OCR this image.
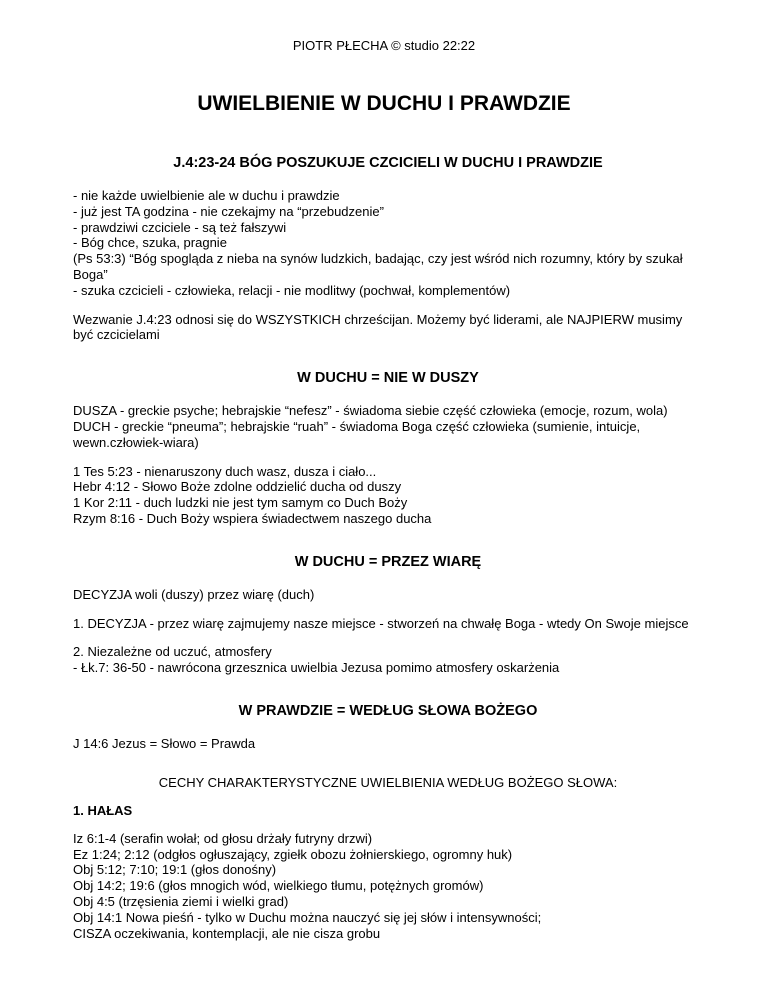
PIOTR PŁECHA © studio 22:22
UWIELBIENIE W DUCHU I PRAWDZIE
J.4:23-24 BÓG POSZUKUJE CZCICIELI W DUCHU I PRAWDZIE
- nie każde uwielbienie ale w duchu i prawdzie
- już jest TA godzina - nie czekajmy na “przebudzenie”
- prawdziwi czciciele - są też fałszywi
- Bóg chce, szuka, pragnie
(Ps 53:3) “Bóg spogląda z nieba na synów ludzkich, badając, czy jest wśród nich rozumny, który by szukał
Boga”
- szuka czcicieli - człowieka, relacji - nie modlitwy (pochwał, komplementów)
Wezwanie J.4:23 odnosi się do WSZYSTKICH chrześcijan. Możemy być liderami, ale NAJPIERW musimy
być czcicielami
W DUCHU = NIE W DUSZY
DUSZA - greckie psyche; hebrajskie “nefesz” - świadoma siebie część człowieka (emocje, rozum, wola)
DUCH - greckie “pneuma”; hebrajskie “ruah” - świadoma Boga część człowieka (sumienie, intuicje,
wewn.człowiek-wiara)
1 Tes 5:23 - nienaruszony duch wasz, dusza i ciało...
Hebr 4:12 - Słowo Boże zdolne oddzielić ducha od duszy
1 Kor 2:11 - duch ludzki nie jest tym samym co Duch Boży
Rzym 8:16 - Duch Boży wspiera świadectwem naszego ducha
W DUCHU = PRZEZ WIARĘ
DECYZJA woli (duszy) przez wiarę (duch)
1. DECYZJA - przez wiarę zajmujemy nasze miejsce - stworzeń na chwałę Boga - wtedy On Swoje miejsce
2. Niezależne od uczuć, atmosfery
- Łk.7: 36-50 - nawrócona grzesznica uwielbia Jezusa pomimo atmosfery oskarżenia
W PRAWDZIE = WEDŁUG SŁOWA BOŻEGO
J 14:6 Jezus = Słowo = Prawda
CECHY CHARAKTERYSTYCZNE UWIELBIENIA WEDŁUG BOŻEGO SŁOWA:
1. HAŁAS
Iz 6:1-4 (serafin wołał; od głosu drżały futryny drzwi)
Ez 1:24; 2:12 (odgłos ogłuszający, zgiełk obozu żołnierskiego, ogromny huk)
Obj 5:12; 7:10; 19:1 (głos donośny)
Obj 14:2; 19:6 (głos mnogich wód, wielkiego tłumu, potężnych gromów)
Obj 4:5 (trzęsienia ziemi i wielki grad)
Obj 14:1 Nowa pieśń - tylko w Duchu można nauczyć się jej słów i intensywności;
CISZA oczekiwania, kontemplacji, ale nie cisza grobu
